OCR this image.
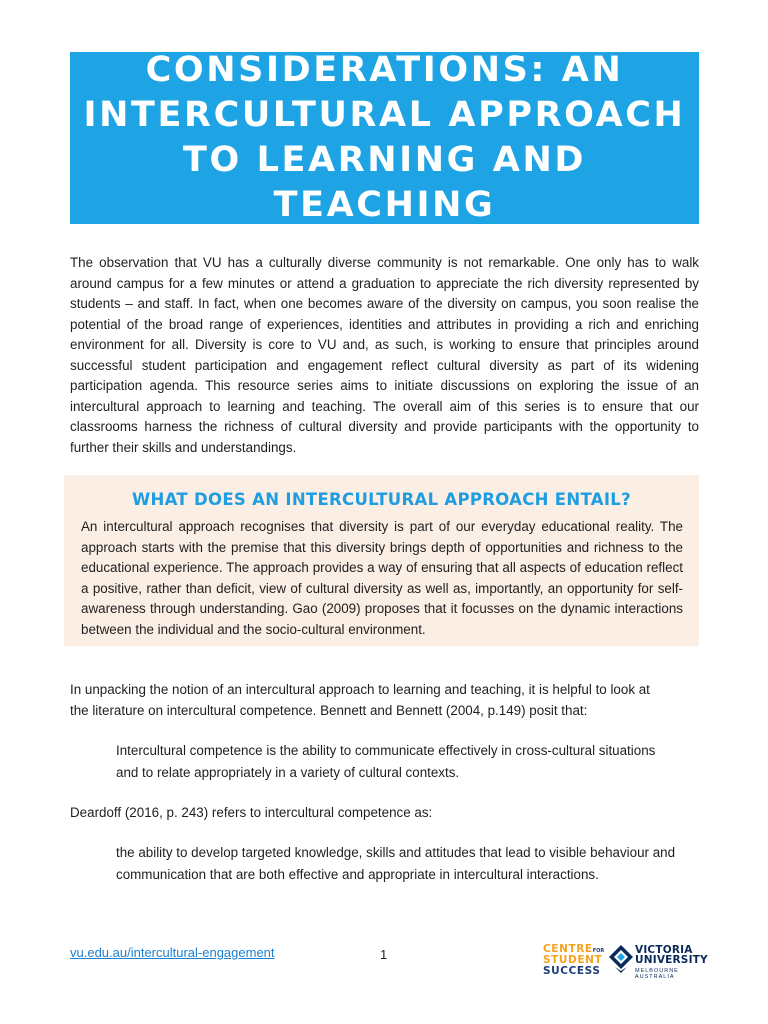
CONSIDERATIONS: AN
INTERCULTURAL APPROACH
TO LEARNING AND TEACHING

The observation that VU has a culturally diverse community is not remarkable. One only has to walk around campus for a few minutes or attend a graduation to appreciate the rich diversity represented by students – and staff. In fact, when one becomes aware of the diversity on campus, you soon realise the potential of the broad range of experiences, identities and attributes in providing a rich and enriching environment for all. Diversity is core to VU and, as such, is working to ensure that principles around successful student participation and engagement reflect cultural diversity as part of its widening participation agenda. This resource series aims to initiate discussions on exploring the issue of an intercultural approach to learning and teaching. The overall aim of this series is to ensure that our classrooms harness the richness of cultural diversity and provide participants with the opportunity to further their skills and understandings.

WHAT DOES AN INTERCULTURAL APPROACH ENTAIL?

An intercultural approach recognises that diversity is part of our everyday educational reality. The approach starts with the premise that this diversity brings depth of opportunities and richness to the educational experience. The approach provides a way of ensuring that all aspects of education reflect a positive, rather than deficit, view of cultural diversity as well as, importantly, an opportunity for self-awareness through understanding. Gao (2009) proposes that it focusses on the dynamic interactions between the individual and the socio-cultural environment.

In unpacking the notion of an intercultural approach to learning and teaching, it is helpful to look at the literature on intercultural competence. Bennett and Bennett (2004, p.149) posit that:

Intercultural competence is the ability to communicate effectively in cross-cultural situations and to relate appropriately in a variety of cultural contexts.

Deardoff (2016, p. 243) refers to intercultural competence as:

the ability to develop targeted knowledge, skills and attitudes that lead to visible behaviour and communication that are both effective and appropriate in intercultural interactions.

vu.edu.au/intercultural-engagement	1	CENTREFOR
STUDENT
SUCCESS
VICTORIA
UNIVERSITY
MELBOURNE AUSTRALIA
